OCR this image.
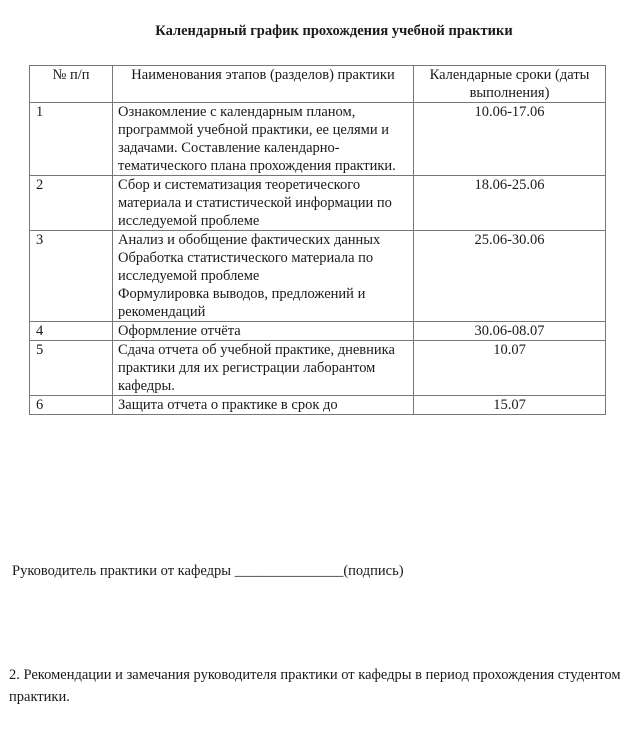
Календарный график прохождения учебной практики
№ п/п	Наименования этапов (разделов) практики	Календарные сроки (даты выполнения)
1	Ознакомление с календарным планом, программой учебной практики, ее целями и задачами. Составление календарно-тематического плана прохождения практики.	10.06-17.06
2	Сбор и систематизация теоретического материала и статистической информации по исследуемой проблеме	18.06-25.06
3	Анализ и обобщение фактических данных
Обработка статистического материала по исследуемой проблеме
Формулировка выводов, предложений и рекомендаций	25.06-30.06
4	Оформление отчёта	30.06-08.07
5	Сдача отчета об учебной практике, дневника практики для их регистрации лаборантом кафедры.	10.07
6	Защита отчета о практике в срок до	15.07
Руководитель практики от кафедры _______________(подпись)
2. Рекомендации и замечания руководителя практики от кафедры в период прохождения студентом практики.
